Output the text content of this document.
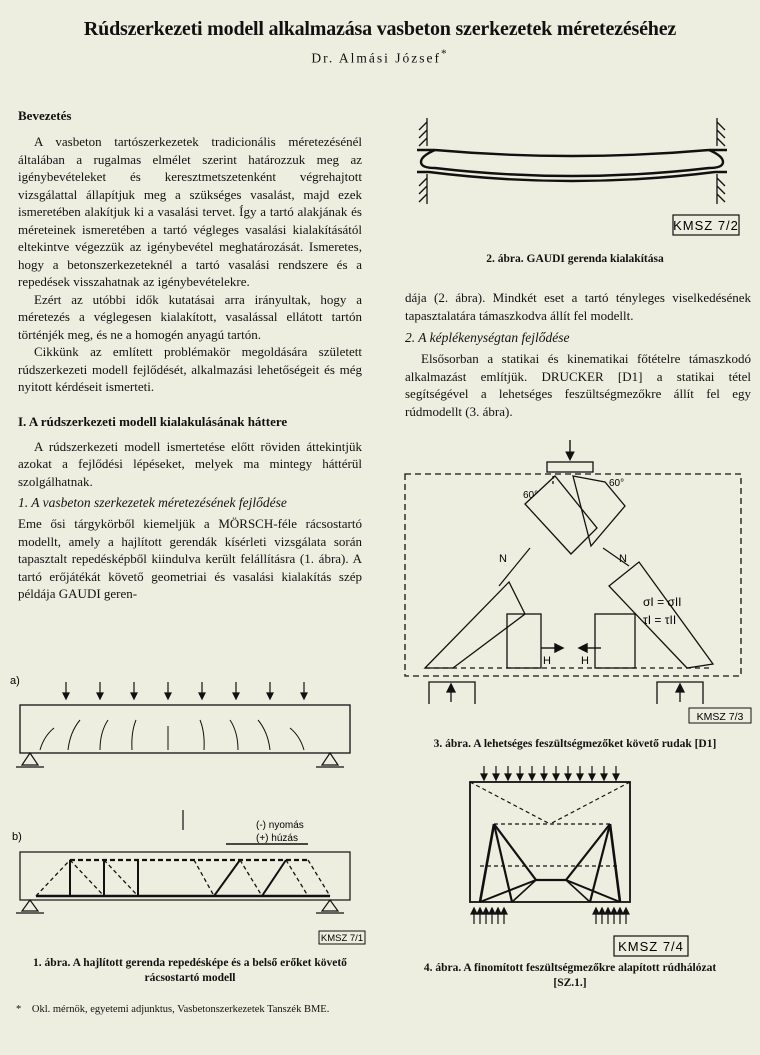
Rúdszerkezeti modell alkalmazása vasbeton szerkezetek méretezéséhez
Dr. Almási József*

Bevezetés

A vasbeton tartószerkezetek tradicionális méretezésénél általában a rugalmas elmélet szerint határozzuk meg az igénybevételeket és keresztmetszetenként végrehajtott vizsgálattal állapítjuk meg a szükséges vasalást, majd ezek ismeretében alakítjuk ki a vasalási tervet. Így a tartó alakjának és méreteinek ismeretében a tartó végleges vasalási kialakításától eltekintve végezzük az igénybevétel meghatározását. Ismeretes, hogy a betonszerkezeteknél a tartó vasalási rendszere és a repedések visszahatnak az igénybevételekre.

Ezért az utóbbi idők kutatásai arra irányultak, hogy a méretezés a véglegesen kialakított, vasalással ellátott tartón történjék meg, és ne a homogén anyagú tartón.

Cikkünk az említett problémakör megoldására született rúdszerkezeti modell fejlődését, alkalmazási lehetőségeit és még nyitott kérdéseit ismerteti.

I. A rúdszerkezeti modell kialakulásának háttere

A rúdszerkezeti modell ismertetése előtt röviden áttekintjük azokat a fejlődési lépéseket, melyek ma mintegy háttérül szolgálhatnak.

1. A vasbeton szerkezetek méretezésének fejlődése

Eme ősi tárgykörből kiemeljük a MÖRSCH-féle rácsostartó modellt, amely a hajlított gerendák kísérleti vizsgálata során tapasztalt repedésképből kiindulva került felállításra (1. ábra). A tartó erőjátékát követő geometriai és vasalási kialakítás szép példája GAUDI geren-

a)
b)
(-) nyomás
(+) húzás
KMSZ 7/1

1. ábra. A hajlított gerenda repedésképe és a belső erőket követő rácsostartó modell

* Okl. mérnök, egyetemi adjunktus, Vasbetonszerkezetek Tanszék BME.
KMSZ 7/2

2. ábra. GAUDI gerenda kialakítása

dája (2. ábra). Mindkét eset a tartó tényleges viselkedésének tapasztalatára támaszkodva állít fel modellt.

2. A képlékenységtan fejlődése

Elsősorban a statikai és kinematikai főtételre támaszkodó alkalmazást említjük. DRUCKER [D1] a statikai tétel segítségével a lehetséges feszültségmezőkre állít fel egy rúdmodellt (3. ábra).

60°
60°
N	N
H	H
σI = σII
τI = τII
KMSZ 7/3

3. ábra. A lehetséges feszültségmezőket követő rudak [D1]

KMSZ 7/4

4. ábra. A finomított feszültségmezőkre alapított rúdhálózat [SZ.1.]
